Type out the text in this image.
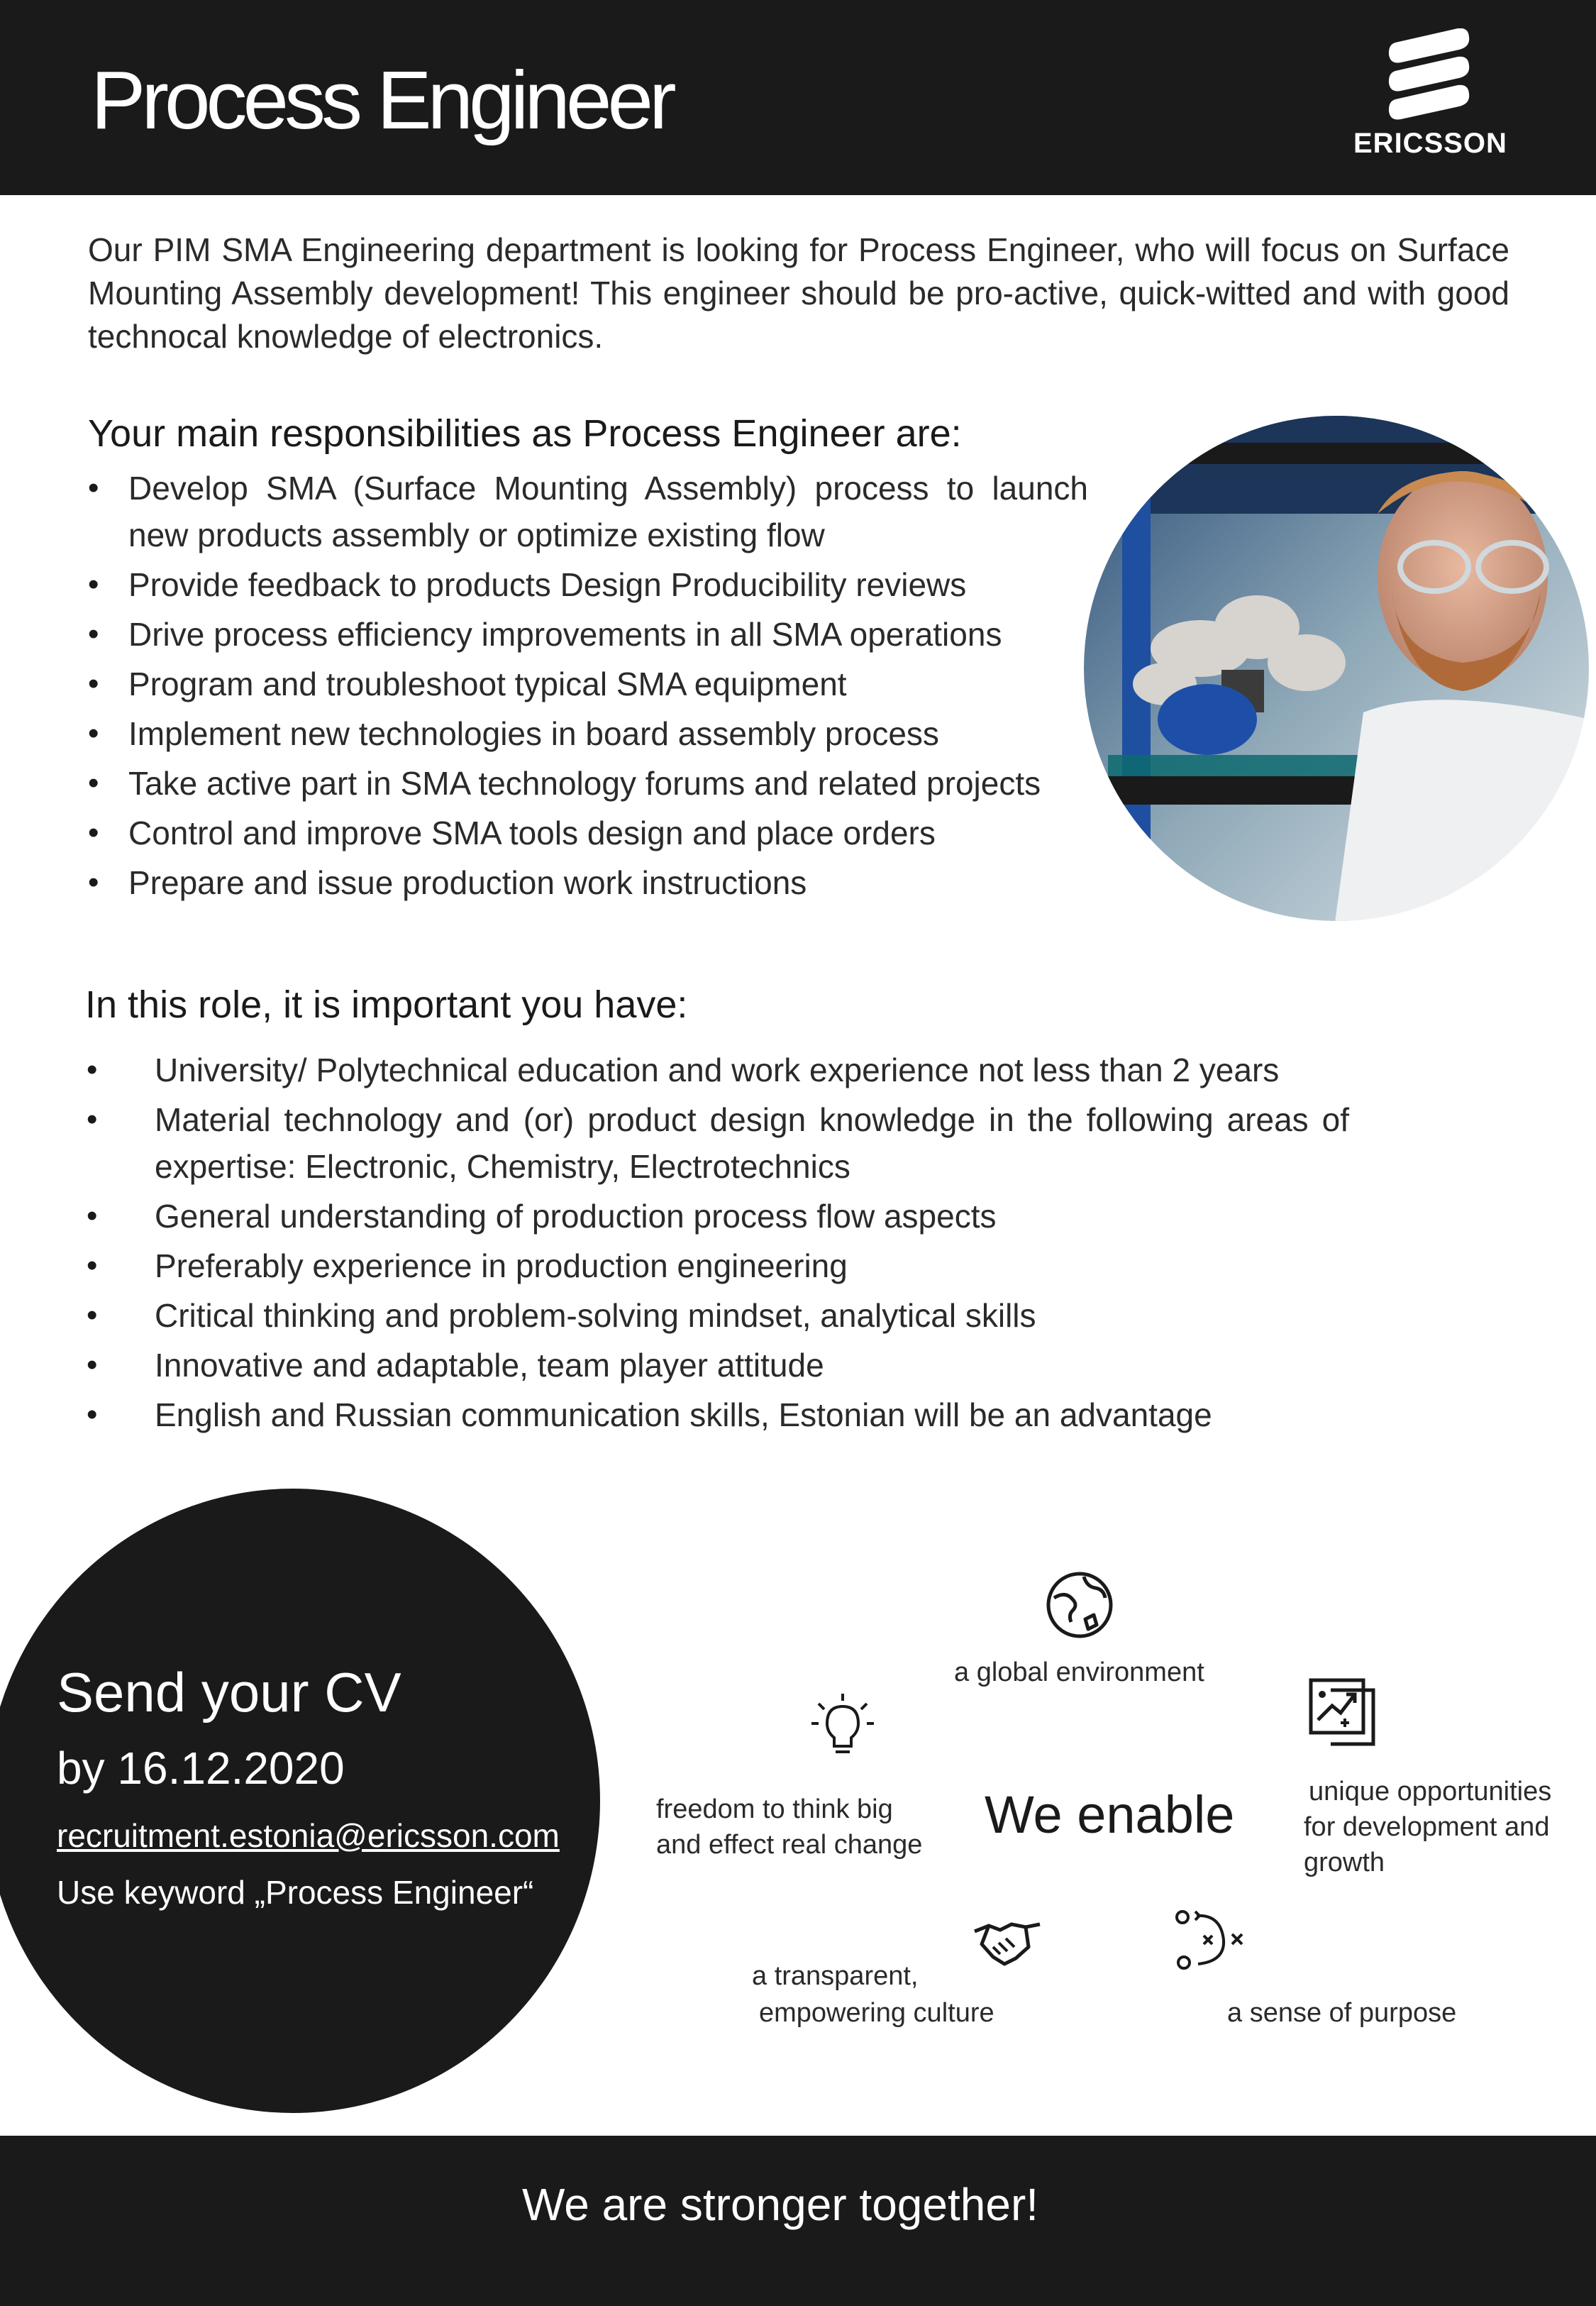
Process Engineer	ERICSSON
Our PIM SMA Engineering department is looking for Process Engineer, who will focus on Surface Mounting Assembly development! This engineer should be pro-active, quick-witted and with good technocal knowledge of electronics.
Your main responsibilities as Process Engineer are:
• Develop SMA (Surface Mounting Assembly) process to launch new products assembly or optimize existing flow
• Provide feedback to products Design Producibility reviews
• Drive process efficiency improvements in all SMA operations
• Program and troubleshoot typical SMA equipment
• Implement new technologies in board assembly process
• Take active part in SMA technology forums and related projects
• Control and improve SMA tools design and place orders
• Prepare and issue production work instructions
In this role, it is important you have:
• University/ Polytechnical education and work experience not less than 2 years
• Material technology and (or) product design knowledge in the following areas of expertise: Electronic, Chemistry, Electrotechnics
• General understanding of production process flow aspects
• Preferably experience in production engineering
• Critical thinking and problem-solving mindset, analytical skills
• Innovative and adaptable, team player attitude
• English and Russian communication skills, Estonian will be an advantage
Send your CV
by 16.12.2020
recruitment.estonia@ericsson.com
Use keyword „Process Engineer“
a global environment
freedom to think big
and effect real change
We enable	unique opportunities
for development and
growth
a transparent,
empowering culture	a sense of purpose
We are stronger together!
